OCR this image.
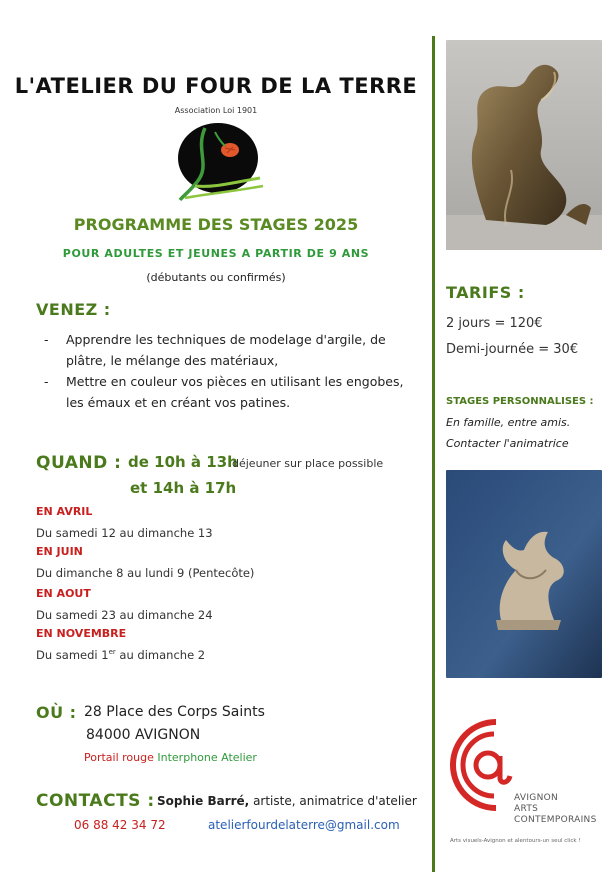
L'ATELIER DU FOUR DE LA TERRE
Association Loi 1901
PROGRAMME DES STAGES 2025
POUR ADULTES ET JEUNES A PARTIR DE 9 ANS
(débutants ou confirmés)
VENEZ :
- Apprendre les techniques de modelage d'argile, de
plâtre, le mélange des matériaux,
- Mettre en couleur vos pièces en utilisant les engobes,
les émaux et en créant vos patines.
QUAND : de 10h à 13h
déjeuner sur place possible
et 14h à 17h
EN AVRIL
Du samedi 12 au dimanche 13
EN JUIN
Du dimanche 8 au lundi 9 (Pentecôte)
EN AOUT
Du samedi 23 au dimanche 24
EN NOVEMBRE
Du samedi 1er au dimanche 2
OÙ : 28 Place des Corps Saints
84000 AVIGNON
Portail rouge Interphone Atelier
CONTACTS : Sophie Barré, artiste, animatrice d'atelier
06 88 42 34 72	atelierfourdelaterre@gmail.com
TARIFS :
2 jours = 120€
Demi-journée = 30€
STAGES PERSONNALISES :
En famille, entre amis.
Contacter l'animatrice
AVIGNON
ARTS
CONTEMPORAINS
Arts visuels-Avignon et alentours-un seul click !
